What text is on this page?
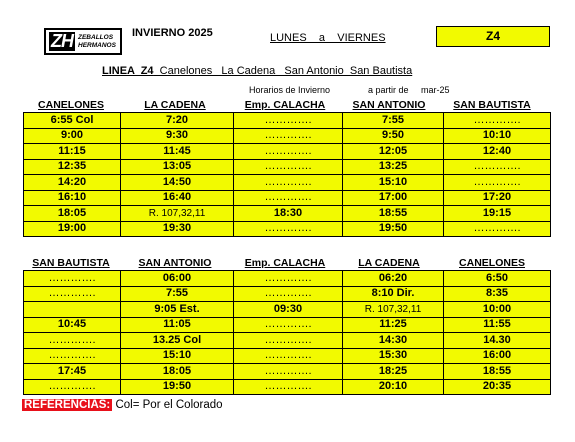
ZH ZEBALLOS
HERMANOS
INVIERNO 2025	LUNES    a    VIERNES	Z4
LINEA  Z4  Canelones   La Cadena   San Antonio  San Bautista
Horarios de Invierno	a partir de mar-25
CANELONES	LA CADENA	Emp. CALACHA	SAN ANTONIO	SAN BAUTISTA
6:55 Col	7:20	………….	7:55	………….
9:00	9:30	………….	9:50	10:10
11:15	11:45	………….	12:05	12:40
12:35	13:05	………….	13:25	………….
14:20	14:50	………….	15:10	………….
16:10	16:40	………….	17:00	17:20
18:05	R. 107,32,11	18:30	18:55	19:15
19:00	19:30	………….	19:50	………….
SAN BAUTISTA	SAN ANTONIO	Emp. CALACHA	LA CADENA	CANELONES
………….	06:00	………….	06:20	6:50
………….	7:55	………….	8:10 Dir.	8:35
	9:05 Est.	09:30	R. 107,32,11	10:00
10:45	11:05	………….	11:25	11:55
………….	13.25 Col	………….	14:30	14.30
………….	15:10	………….	15:30	16:00
17:45	18:05	………….	18:25	18:55
………….	19:50	………….	20:10	20:35
REFERENCIAS: Col= Por el Colorado
